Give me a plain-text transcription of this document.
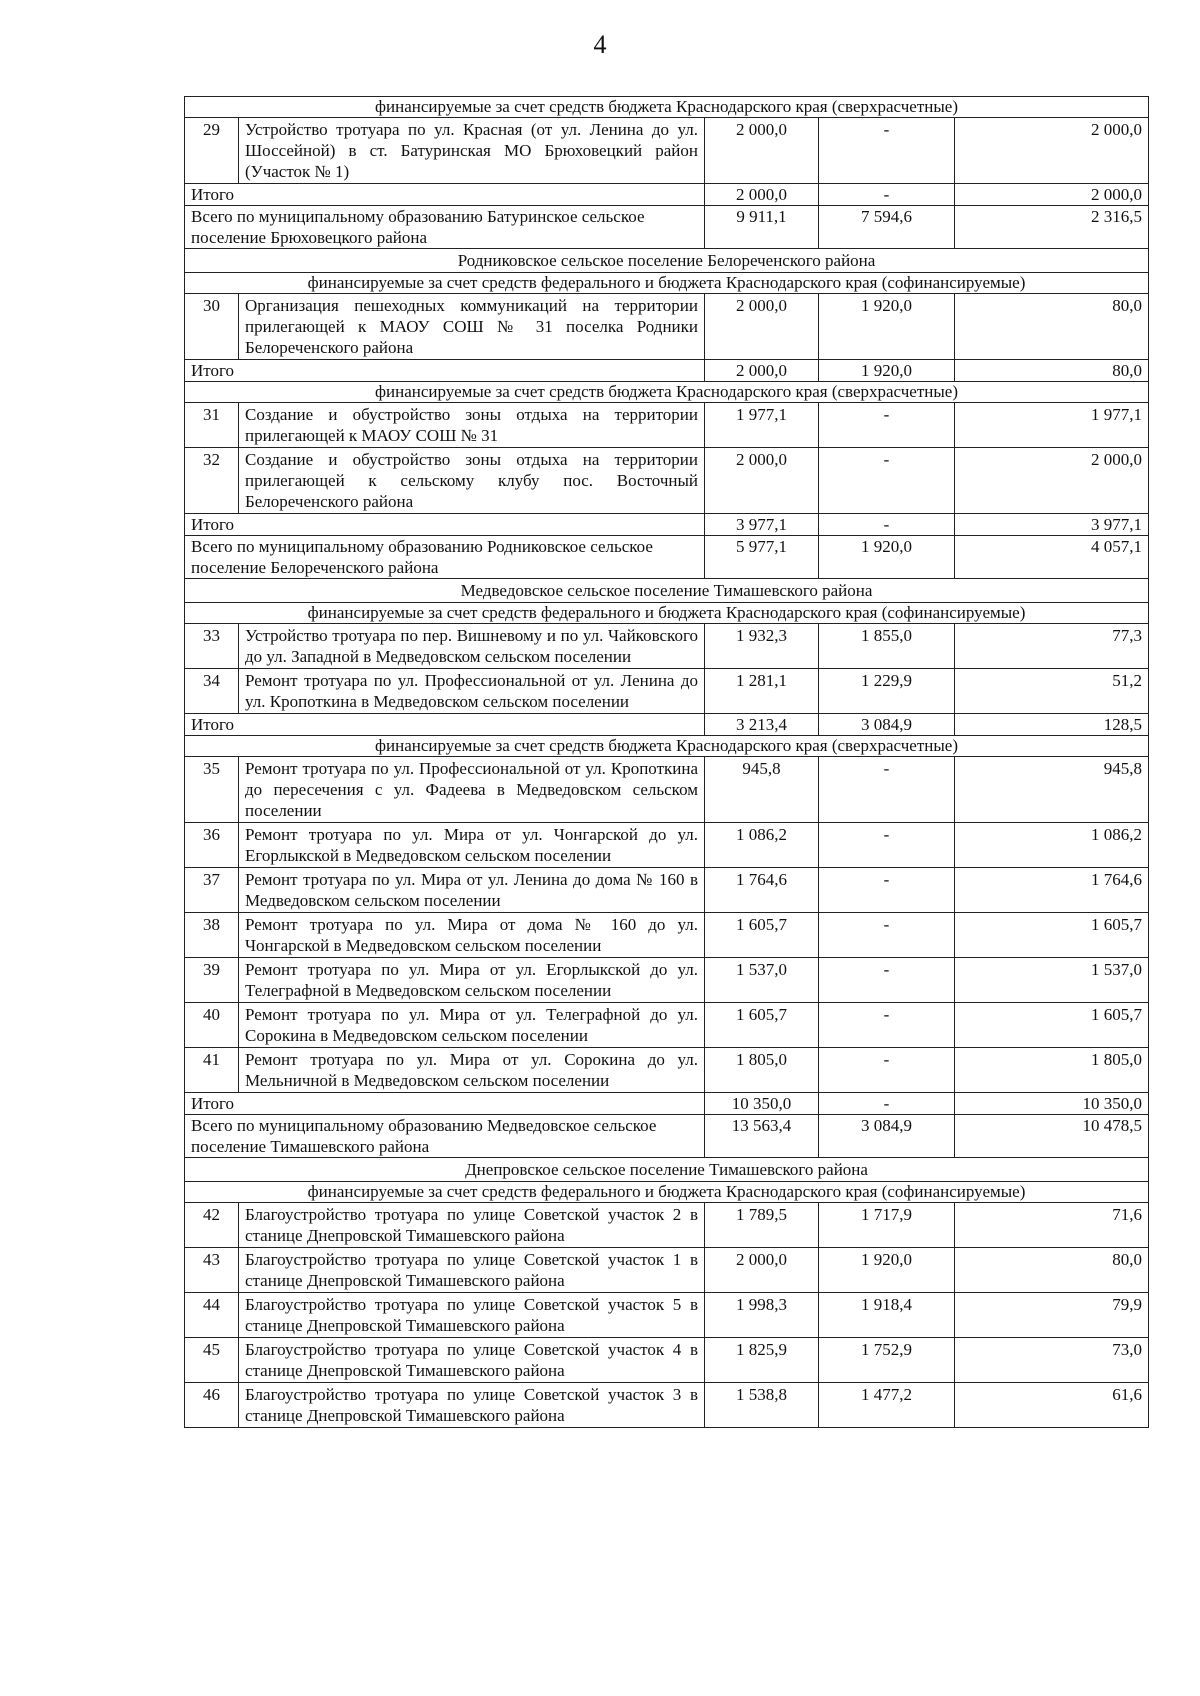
4
финансируемые за счет средств бюджета Краснодарского края (сверхрасчетные)				
29	Устройство тротуара по ул. Красная (от ул. Ленина до ул. Шоссейной) в ст. Батуринская МО Брюховецкий район (Участок № 1)	2 000,0	-	2 000,0
Итого		2 000,0	-	2 000,0
Всего по муниципальному образованию Батуринское сельское поселение Брюховецкого района		9 911,1	7 594,6	2 316,5
Родниковское сельское поселение Белореченского района				
финансируемые за счет средств федерального и бюджета Краснодарского края (софинансируемые)				
30	Организация пешеходных коммуникаций на территории прилегающей к МАОУ СОШ № 31 поселка Родники Белореченского района	2 000,0	1 920,0	80,0
Итого		2 000,0	1 920,0	80,0
финансируемые за счет средств бюджета Краснодарского края (сверхрасчетные)				
31	Создание и обустройство зоны отдыха на территории прилегающей к МАОУ СОШ № 31	1 977,1	-	1 977,1
32	Создание и обустройство зоны отдыха на территории прилегающей к сельскому клубу пос. Восточный Белореченского района	2 000,0	-	2 000,0
Итого		3 977,1	-	3 977,1
Всего по муниципальному образованию Родниковское сельское поселение Белореченского района		5 977,1	1 920,0	4 057,1
Медведовское сельское поселение Тимашевского района				
финансируемые за счет средств федерального и бюджета Краснодарского края (софинансируемые)				
33	Устройство тротуара по пер. Вишневому и по ул. Чайковского до ул. Западной в Медведовском сельском поселении	1 932,3	1 855,0	77,3
34	Ремонт тротуара по ул. Профессиональной от ул. Ленина до ул. Кропоткина в Медведовском сельском поселении	1 281,1	1 229,9	51,2
Итого		3 213,4	3 084,9	128,5
финансируемые за счет средств бюджета Краснодарского края (сверхрасчетные)				
35	Ремонт тротуара по ул. Профессиональной от ул. Кропоткина до пересечения с ул. Фадеева в Медведовском сельском поселении	945,8	-	945,8
36	Ремонт тротуара по ул. Мира от ул. Чонгарской до ул. Егорлыкской в Медведовском сельском поселении	1 086,2	-	1 086,2
37	Ремонт тротуара по ул. Мира от ул. Ленина до дома № 160 в Медведовском сельском поселении	1 764,6	-	1 764,6
38	Ремонт тротуара по ул. Мира от дома № 160 до ул. Чонгарской в Медведовском сельском поселении	1 605,7	-	1 605,7
39	Ремонт тротуара по ул. Мира от ул. Егорлыкской до ул. Телеграфной в Медведовском сельском поселении	1 537,0	-	1 537,0
40	Ремонт тротуара по ул. Мира от ул. Телеграфной до ул. Сорокина в Медведовском сельском поселении	1 605,7	-	1 605,7
41	Ремонт тротуара по ул. Мира от ул. Сорокина до ул. Мельничной в Медведовском сельском поселении	1 805,0	-	1 805,0
Итого		10 350,0	-	10 350,0
Всего по муниципальному образованию Медведовское сельское поселение Тимашевского района		13 563,4	3 084,9	10 478,5
Днепровское сельское поселение Тимашевского района				
финансируемые за счет средств федерального и бюджета Краснодарского края (софинансируемые)				
42	Благоустройство тротуара по улице Советской участок 2 в станице Днепровской Тимашевского района	1 789,5	1 717,9	71,6
43	Благоустройство тротуара по улице Советской участок 1 в станице Днепровской Тимашевского района	2 000,0	1 920,0	80,0
44	Благоустройство тротуара по улице Советской участок 5 в станице Днепровской Тимашевского района	1 998,3	1 918,4	79,9
45	Благоустройство тротуара по улице Советской участок 4 в станице Днепровской Тимашевского района	1 825,9	1 752,9	73,0
46	Благоустройство тротуара по улице Советской участок 3 в станице Днепровской Тимашевского района	1 538,8	1 477,2	61,6
